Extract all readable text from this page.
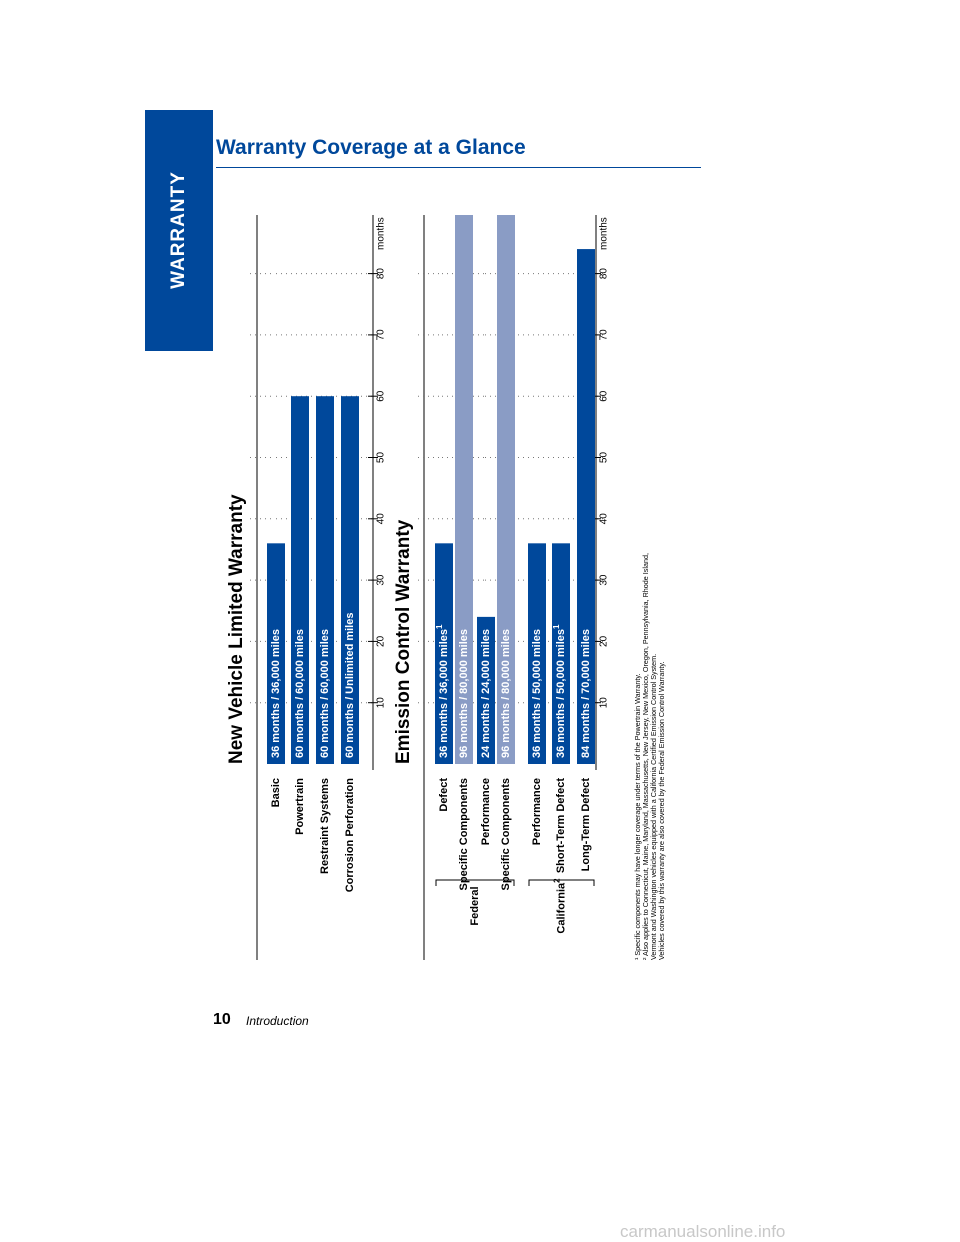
WARRANTY
Warranty Coverage at a Glance
New Vehicle Limited Warranty	10
20
30
40
50
60
70
80
months
36 months / 36,000 miles
Basic
60 months / 60,000 miles
Powertrain
60 months / 60,000 miles
Restraint Systems
60 months / Unlimited miles
Corrosion Perforation
Emission Control Warranty	10
20
30
40
50
60
70
80
months
36 months / 36,000 miles$^1$
Defect
96 months / 80,000 miles
Specific Components
24 months / 24,000 miles
Performance
96 months / 80,000 miles
Specific Components
36 months / 50,000 miles
Performance
36 months / 50,000 miles$^1$
Short-Term Defect
84 months / 70,000 miles
Long-Term Defect
Federal	California$^2$	¹ Specific components may have longer coverage under terms of the Powertrain Warranty. ² Also applies to Connecticut, Maine, Maryland, Massachusetts, New Jersey, New Mexico, Oregon, Pennsylvania, Rhode Island, Vermont and Washington vehicles equipped with a California Certified Emission Control System. Vehicles covered by this warranty are also covered by the Federal Emission Control Warranty.
10 Introduction
carmanualsonline.info
